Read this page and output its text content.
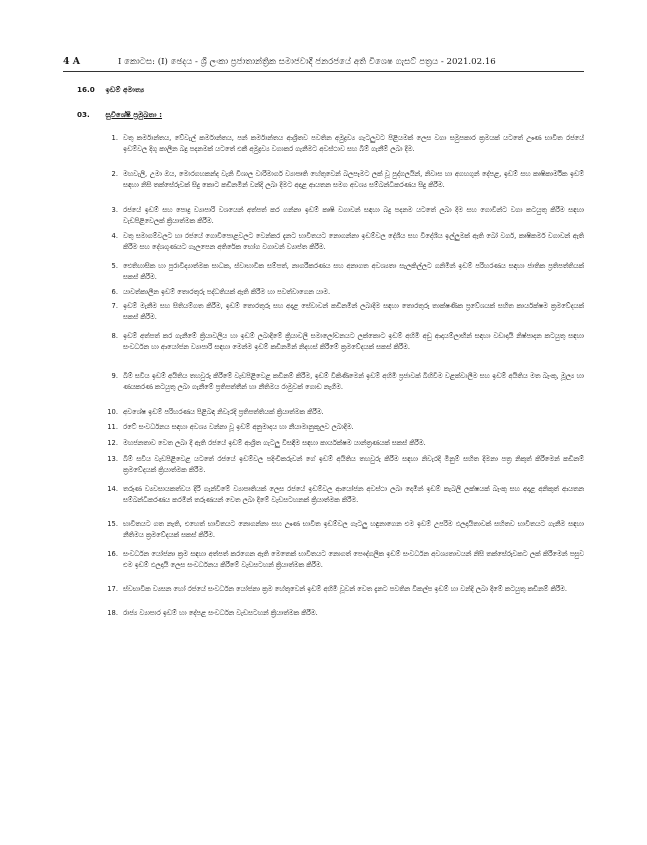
4 A	I කොටස: (I) ඡෙදය - ශ්‍රී ලංකා ප්‍රජාතාන්ත්‍රික සමාජවාදී ජනරජයේ අති විශෙෂ ගැසට් පත්‍රය - 2021.02.16
16.0 ඉඩම් අමාත්‍ය
03. සුවිශේෂී ප්‍රමුඛතා :
1. වතු කර්මාන්තය, වේවැල් කර්මාන්තය, පන් කර්මාන්තය ආශ්‍රිතව පවතින අමුද්‍රව්‍ය ගැටලුවට පිළියමක් ලෙස වගා සමුපකාර ක්‍රමයක් යටතේ ඌණ භාවිත රජයේ ඉඩම්වල දිගු කාලීන බදු පදනමක් යටතේ එකී අමුද්‍රව්‍ය වගාකර ගැනීමට අවස්ථාව සහ බිම් ගැනීම් ලබා දීම.
2. මහවැලි, උමා ඔය, මොරගහකන්ද වැනි විශාල වාරිමාර්ග ව්‍යාපෘති හේතුවෙන් බලපෑමට ලක් වූ පුද්ගලයින්, නිවාස හා අගහගුන් දේපළ, ඉඩම් සහ කෘෂිකාර්මික ඉඩම් සඳහා නිසි තක්සේරුවක් සිදු කොට කඩිනමින් වන්දි ලබා දීමට අදාළ ආයතන සමග අවශ්‍ය සම්බන්ධීකරණය සිදු කිරීම.
3. රජයේ ඉඩම් සහ පොදු ව්‍යාපාරි වශයෙන් අත්පත් කර ගන්නා ඉඩම් කෘෂි වගාවන් සඳහා බදු පදනම යටතේ ලබා දීම සහ ගොවීන්ට වගා කටයුතු කිරීම සඳහා වැඩපිළිවෙලක් ක්‍රියාත්මක කිරීම.
4. වතු සමාගම්වලට හා රජයේ ගොවිපොළවලට වෙන්කර දැනට භාවිතයට නොගන්නා ඉඩම්වල දේශීය සහ විදේශීය ඉල්ලුමක් ඇති බෝ වර්ග, කෘෂිකර්ම වගාවන් ඇති කිරීම සහ දේශගුණයට ගැලපෙන අතිරේක භෝග වගාවන් ව්‍යාප්ත කිරීම.
5. ඓතිහාසික හා පුරාවිද්‍යාත්මක සාධක, ස්වාභාවික සම්පත්, නාගරීකරණය සහ අනාගත අවශ්‍යතා සැලකිල්ලට ගනිමින් ඉඩම් පරිහරණය සඳහා ජාතික ප්‍රතිපත්තියක් සකස් කිරීම.
6. යාවත්කාලීන ඉඩම් තොරතුරු පද්ධතියක් ඇති කිරීම හා පවත්වාගෙන යාම.
7. ඉඩම් මැනීම සහ සිතියම්ගත කිරීම, ඉඩම් තොරතුරු සහ අදාළ සේවාවන් කඩිනමින් ලබාදීම සඳහා තොරතුරු තාක්ෂණික ප්‍රවේශයක් සහිත කාර්යක්ෂම ක්‍රමවේදයක් සකස් කිරීම.
8. ඉඩම් අත්පත් කර ගැනීමේ ක්‍රියාවලිය හා ඉඩම් ලබාදීමේ ක්‍රියාවලි සමාලෝචනයට ලක්කොට ඉඩම් අහිමි අඩු ආදායම්ලාභීන් සඳහා වඩාදායී නිෂ්පාදන කටයුතු සඳහා සංවර්ධන හා ආයෝජන ව්‍යාපාරි සඳහා මෙන්ම ඉඩම් කඩිනමින් නිදහස් කිරීමේ ක්‍රමවේදයක් සකස් කිරීම.
9. බිම් සවිය ඉඩම් අයිතිය තහවුරු කිරීමේ වැඩපිළිවෙළ කඩිනම් කිරීම, ඉඩම් විකිණිමෙන් ඉඩම් අහිමි ප්‍රජාවක් බිහිවීම වළක්වාලීම සහ ඉඩම් අයිතිය මත බැංකු, මූල්‍ය හා ණයකරණ කටයුතු ලබා ගැනීමේ ප්‍රතිපත්තීන් හා නීතිමය රාමුවක් ගොඩ නැගීම.
10. අවශේෂ ඉඩම් පරිහරණය පිළිබඳ නිවැරදි ප්‍රතිපත්තියක් ක්‍රියාත්මක කිරීම.
11. රටේ සංවර්ධනය සඳහා අවශ්‍ය වන්නා වූ ඉඩම් අනුමාදය හා නීයාමානුකූලව ලබාදීම.
12. මහජනතාව වෙත ලබා දී ඇති රජයේ ඉඩම් ආශ්‍රිත ගැටලු විසඳීම සඳහා කාර්යක්ෂම යාන්ත්‍රණයක් සකස් කිරීම.
13. බිම් සවිය වැඩපිළිවෙළ යටතේ රජයේ ඉඩම්වල පදිංචිකරුවන් ගේ ඉඩම් අයිතිය තහවුරු කිරීම සඳහා නිවැරදි මිනුම් සහිත දීමනා පත්‍ර නිකුත් කිරීමෙන් කඩිනම් ක්‍රමවේදයක් ක්‍රියාත්මක කිරීම.
14. තරුණ ව්‍යවසායකත්වය දිරි ගැන්වීමේ ව්‍යාපෘතියක් ලෙස රජයේ ඉඩම්වල ආයෝජන අවස්ථා ලබා දෙමින් ඉඩම් කැබලි ලක්ෂයක් බැංකු සහ අදාළ අනිකුත් ආයතන සම්බන්ධීකරණය කරමින් තරුණයන් වෙත ලබා දීමේ වැඩසටහනක් ක්‍රියාත්මක කිරීම.
15. භාවිතයට ගත නැති, එහෙත් භාවිතයට නොගන්නා සහ ඌණ භාවිත ඉඩම්වල ගැටලු හඳුනාගෙන එම ඉඩම් උපරිම ඵලදායිතාවක් සහිතව භාවිතයට ගැනීම සඳහා නීතිමය ක්‍රමවේදයක් සකස් කිරීම.
16. සංවර්ධන යෝජනා ක්‍රම සඳහා අත්පත් කරගෙන ඇති මෙතෙක් භාවිතයට නොගත් පෞද්ගලික ඉඩම් සංවර්ධන අවශ්‍යතාවයන් නිසි තක්සේරුවකට ලක් කිරීමෙන් පසුව එම ඉඩම් ඵලදායී ලෙස සංවර්ධනය කිරීමේ වැඩසටහන් ක්‍රියාත්මක කිරීම.
17. ස්වභාවික ව්‍යසන හෝ රජයේ සංවර්ධන යෝජනා ක්‍රම හේතුවෙන් ඉඩම් අහිමි වූවන් වෙත දැනට පවතින විකල්ප ඉඩම් හා වන්දි ලබා දීමේ කටයුතු කඩිනම් කිරීම.
18. රාජ්‍ය ව්‍යාපාර ඉඩම් හා දේපළ සංවර්ධන වැඩසටහන් ක්‍රියාත්මක කිරීම.
